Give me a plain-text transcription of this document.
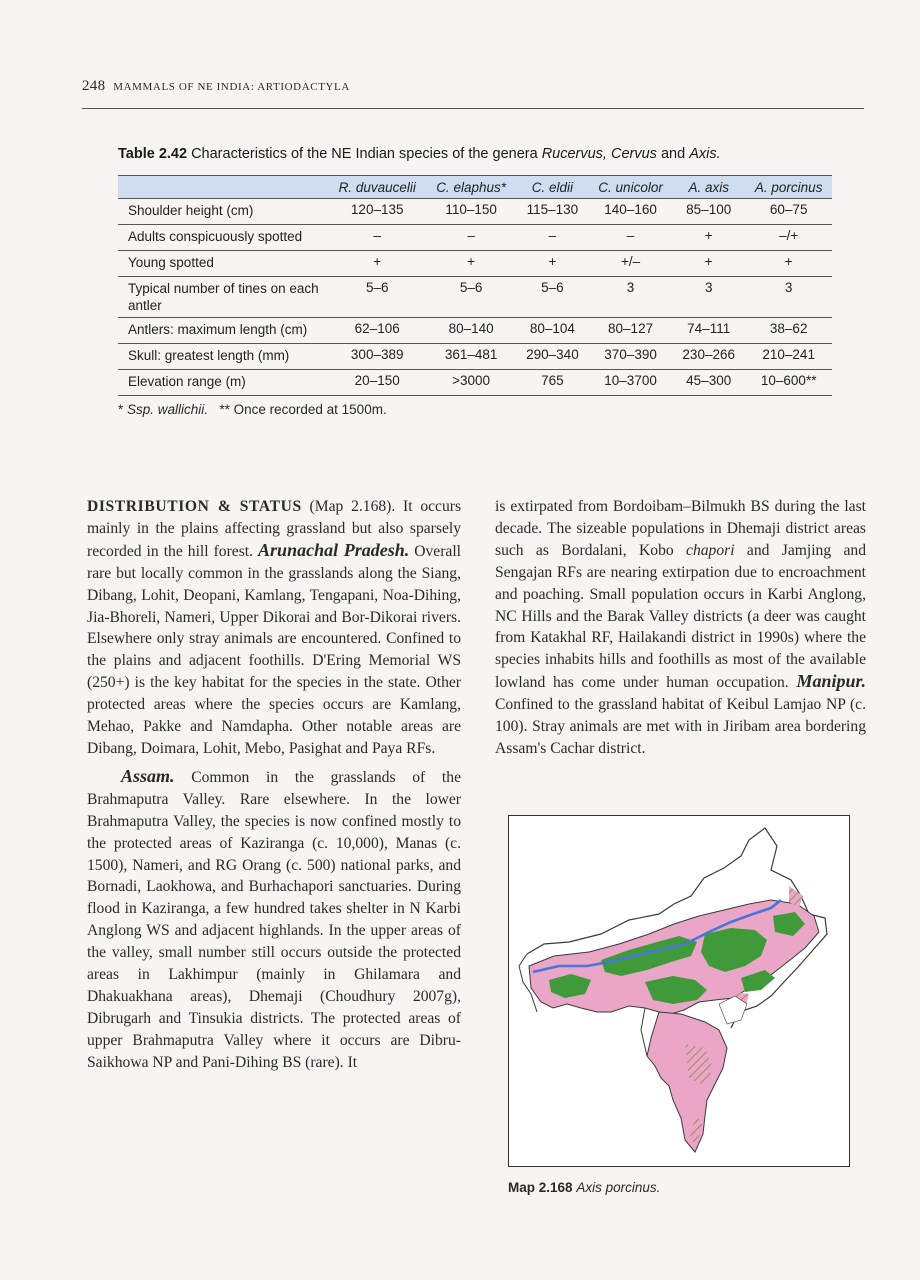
248 MAMMALS OF NE INDIA: ARTIODACTYLA
Table 2.42 Characteristics of the NE Indian species of the genera Rucervus, Cervus and Axis.
	R. duvaucelii	C. elaphus*	C. eldii	C. unicolor	A. axis	A. porcinus
Shoulder height (cm)	120–135	110–150	115–130	140–160	85–100	60–75
Adults conspicuously spotted	–	–	–	–	+	–/+
Young spotted	+	+	+	+/–	+	+
Typical number of tines on each antler	5–6	5–6	5–6	3	3	3
Antlers: maximum length (cm)	62–106	80–140	80–104	80–127	74–111	38–62
Skull: greatest length (mm)	300–389	361–481	290–340	370–390	230–266	210–241
Elevation range (m)	20–150	>3000	765	10–3700	45–300	10–600**
* Ssp. wallichii. ** Once recorded at 1500m.

DISTRIBUTION & STATUS (Map 2.168). It occurs mainly in the plains affecting grassland but also sparsely recorded in the hill forest. Arunachal Pradesh. Overall rare but locally common in the grasslands along the Siang, Dibang, Lohit, Deopani, Kamlang, Tengapani, Noa-Dihing, Jia-Bhoreli, Nameri, Upper Dikorai and Bor-Dikorai rivers. Elsewhere only stray animals are encountered. Confined to the plains and adjacent foothills. D'Ering Memorial WS (250+) is the key habitat for the species in the state. Other protected areas where the species occurs are Kamlang, Mehao, Pakke and Namdapha. Other notable areas are Dibang, Doimara, Lohit, Mebo, Pasighat and Paya RFs.

Assam. Common in the grasslands of the Brahmaputra Valley. Rare elsewhere. In the lower Brahmaputra Valley, the species is now confined mostly to the protected areas of Kaziranga (c. 10,000), Manas (c. 1500), Nameri, and RG Orang (c. 500) national parks, and Bornadi, Laokhowa, and Burhachapori sanctuaries. During flood in Kaziranga, a few hundred takes shelter in N Karbi Anglong WS and adjacent highlands. In the upper areas of the valley, small number still occurs outside the protected areas in Lakhimpur (mainly in Ghilamara and Dhakuakhana areas), Dhemaji (Choudhury 2007g), Dibrugarh and Tinsukia districts. The protected areas of upper Brahmaputra Valley where it occurs are Dibru-Saikhowa NP and Pani-Dihing BS (rare). It

is extirpated from Bordoibam–Bilmukh BS during the last decade. The sizeable populations in Dhemaji district areas such as Bordalani, Kobo chapori and Jamjing and Sengajan RFs are nearing extirpation due to encroachment and poaching. Small population occurs in Karbi Anglong, NC Hills and the Barak Valley districts (a deer was caught from Katakhal RF, Hailakandi district in 1990s) where the species inhabits hills and foothills as most of the available lowland has come under human occupation. Manipur. Confined to the grassland habitat of Keibul Lamjao NP (c. 100). Stray animals are met with in Jiribam area bordering Assam's Cachar district.

Map 2.168 Axis porcinus.
